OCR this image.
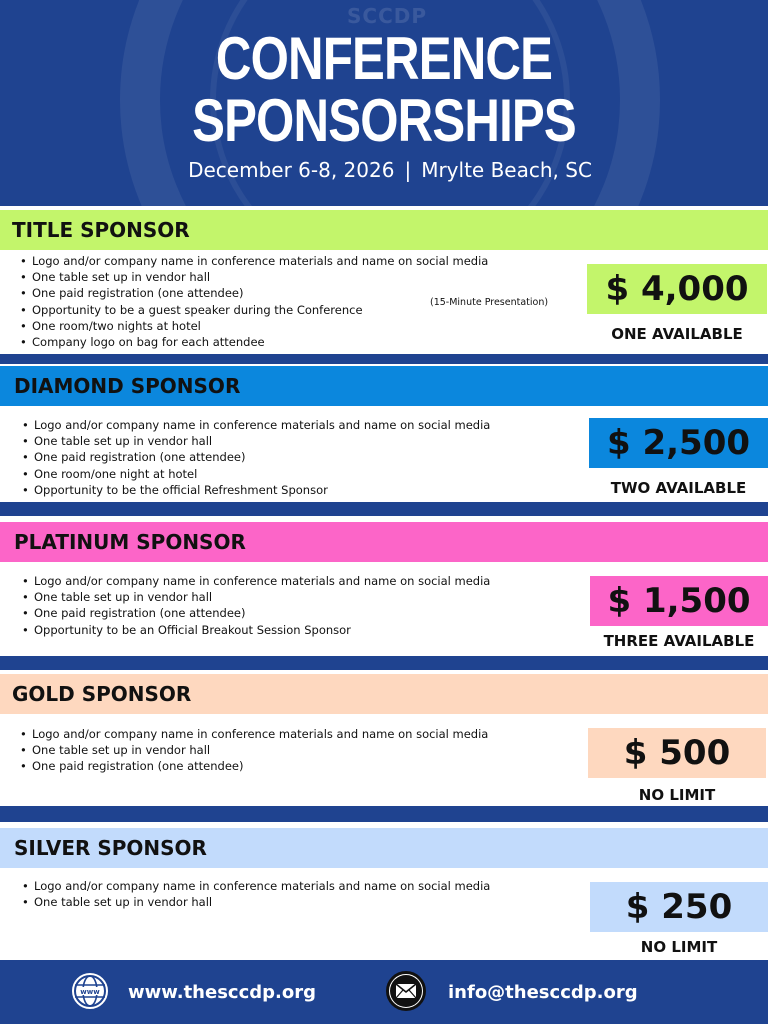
SCCDP
CONFERENCE
SPONSORSHIPS
December 6-8, 2026 | Mrylte Beach, SC
TITLE SPONSOR
• Logo and/or company name in conference materials and name on social media
• One table set up in vendor hall
• One paid registration (one attendee)
• Opportunity to be a guest speaker during the Conference
• One room/two nights at hotel
• Company logo on bag for each attendee
(15-Minute Presentation)	$ 4,000
ONE AVAILABLE
DIAMOND SPONSOR
• Logo and/or company name in conference materials and name on social media
• One table set up in vendor hall
• One paid registration (one attendee)
• One room/one night at hotel
• Opportunity to be the official Refreshment Sponsor
$ 2,500
TWO AVAILABLE
PLATINUM SPONSOR
• Logo and/or company name in conference materials and name on social media
• One table set up in vendor hall
• One paid registration (one attendee)
• Opportunity to be an Official Breakout Session Sponsor
$ 1,500
THREE AVAILABLE
GOLD SPONSOR
• Logo and/or company name in conference materials and name on social media
• One table set up in vendor hall
• One paid registration (one attendee)	$ 500
NO LIMIT
SILVER SPONSOR
• Logo and/or company name in conference materials and name on social media
• One table set up in vendor hall	$ 250
NO LIMIT
www www.thesccdp.org	info@thesccdp.org
